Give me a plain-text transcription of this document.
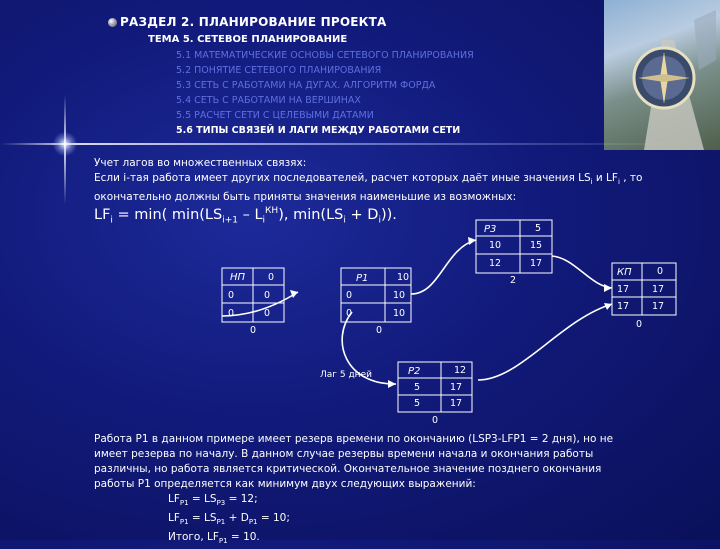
РАЗДЕЛ 2. ПЛАНИРОВАНИЕ ПРОЕКТА
ТЕМА 5. СЕТЕВОЕ ПЛАНИРОВАНИЕ
5.1 МАТЕМАТИЧЕСКИЕ ОСНОВЫ СЕТЕВОГО ПЛАНИРОВАНИЯ
5.2 ПОНЯТИЕ СЕТЕВОГО ПЛАНИРОВАНИЯ
5.3 СЕТЬ С РАБОТАМИ НА ДУГАХ. АЛГОРИТМ ФОРДА
5.4 СЕТЬ С РАБОТАМИ НА ВЕРШИНАХ
5.5 РАСЧЕТ СЕТИ С ЦЕЛЕВЫМИ ДАТАМИ
5.6 ТИПЫ СВЯЗЕЙ И ЛАГИ МЕЖДУ РАБОТАМИ СЕТИ
Учет лагов во множественных связях:
Если i-тая работа имеет других последователей, расчет которых даёт иные значения $LS_i$ и $LF_i$ , то
окончательно должны быть приняты значения наименьшие из возможных:
$LF_i = \min$( $\min(LS_{i+1} - L_i^{КН})$, $\min(LS_i + D_i)$).
НП 0
0	0
0	0
0
P1	10
0	10
0	10
0
P3	5
10	15
12	17
2
КП	0
17 17
17 17
0
P2	12
5	17
5	17
0
Лаг 5 дней
Работа P1 в данном примере имеет резерв времени по окончанию (LSP3-LFP1 = 2 дня), но не
имеет резерва по началу. В данном случае резервы времени начала и окончания работы
различны, но работа является критической. Окончательное значение позднего окончания
работы P1 определяется как минимум двух следующих выражений:
$LF_{P1} = LS_{P3} = 12$;
$LF_{P1} = LS_{P1} + D_{P1} = 10$;
Итого, $LF_{P1} = 10$.
